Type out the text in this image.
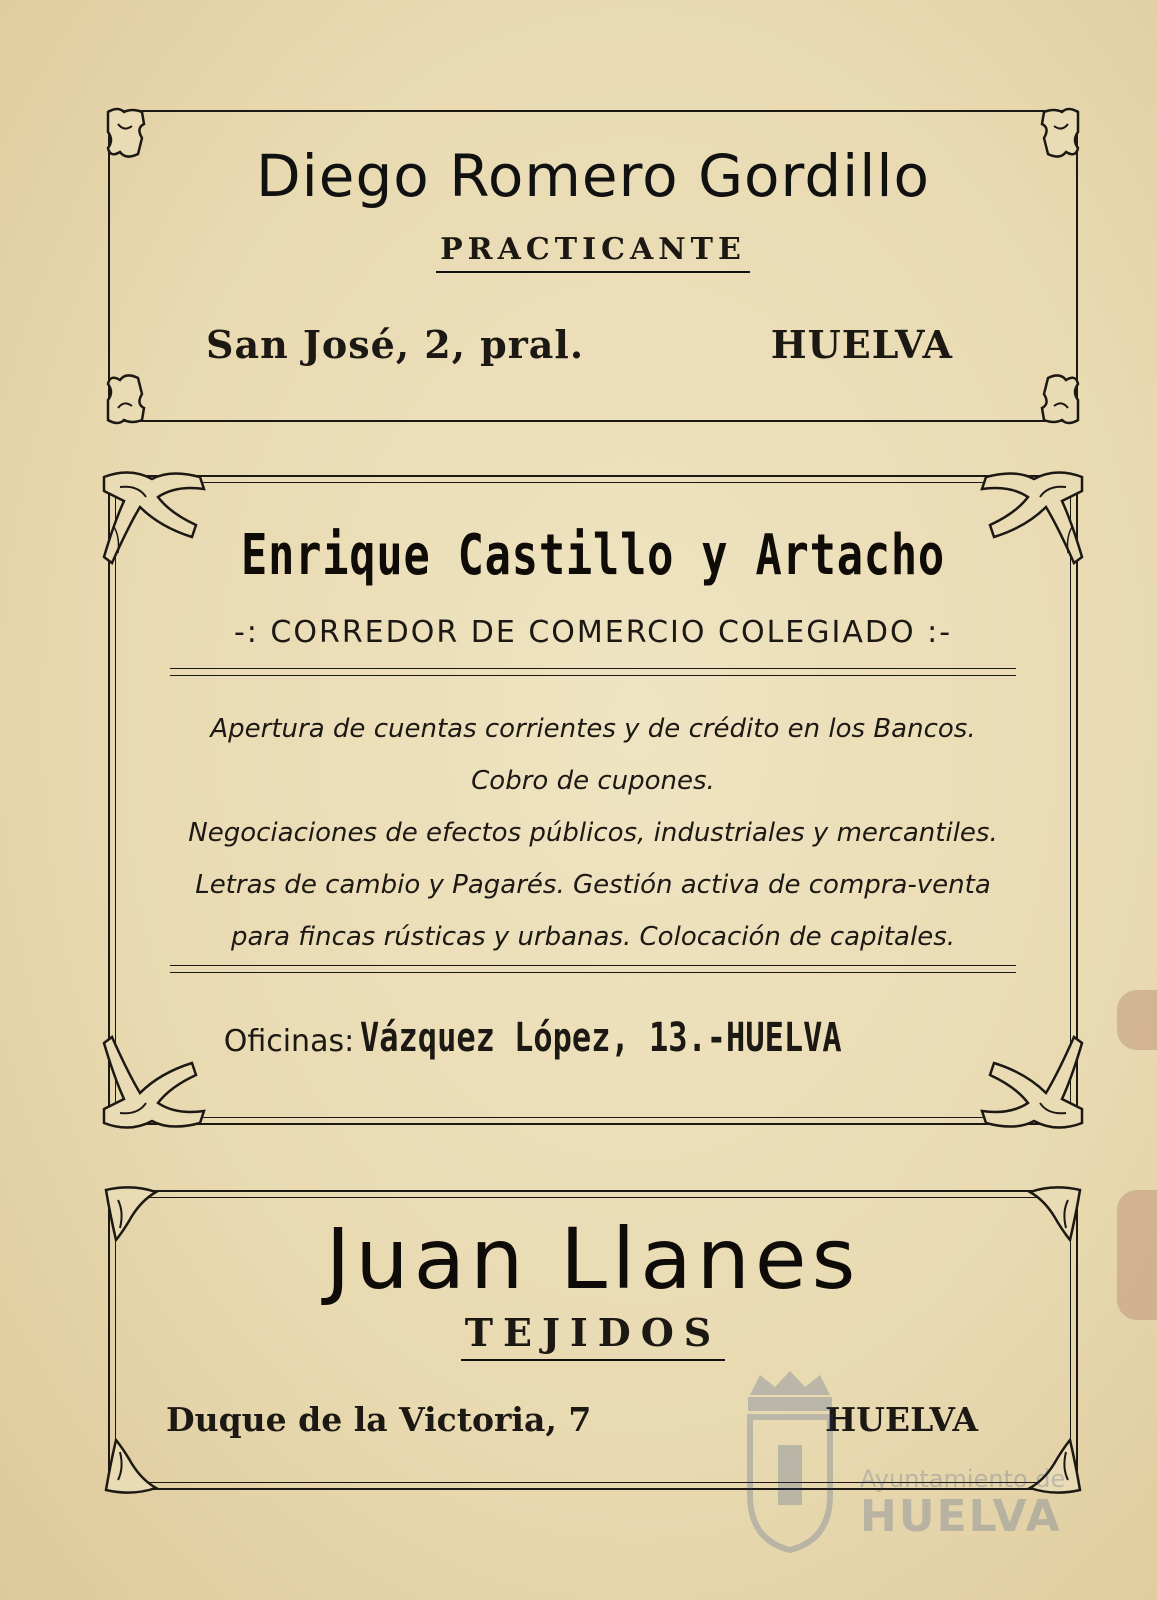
Diego Romero Gordillo
PRACTICANTE
San José, 2, pral.	HUELVA
Enrique Castillo y Artacho
-: CORREDOR DE COMERCIO COLEGIADO :-
Apertura de cuentas corrientes y de crédito en los Bancos.
Cobro de cupones.
Negociaciones de efectos públicos, industriales y mercantiles.
Letras de cambio y Pagarés. Gestión activa de compra-venta
para fincas rústicas y urbanas. Colocación de capitales.
Oficinas: Vázquez López, 13.-HUELVA
Juan Llanes
TEJIDOS
Duque de la Victoria, 7	HUELVA
Ayuntamiento de
HUELVA
